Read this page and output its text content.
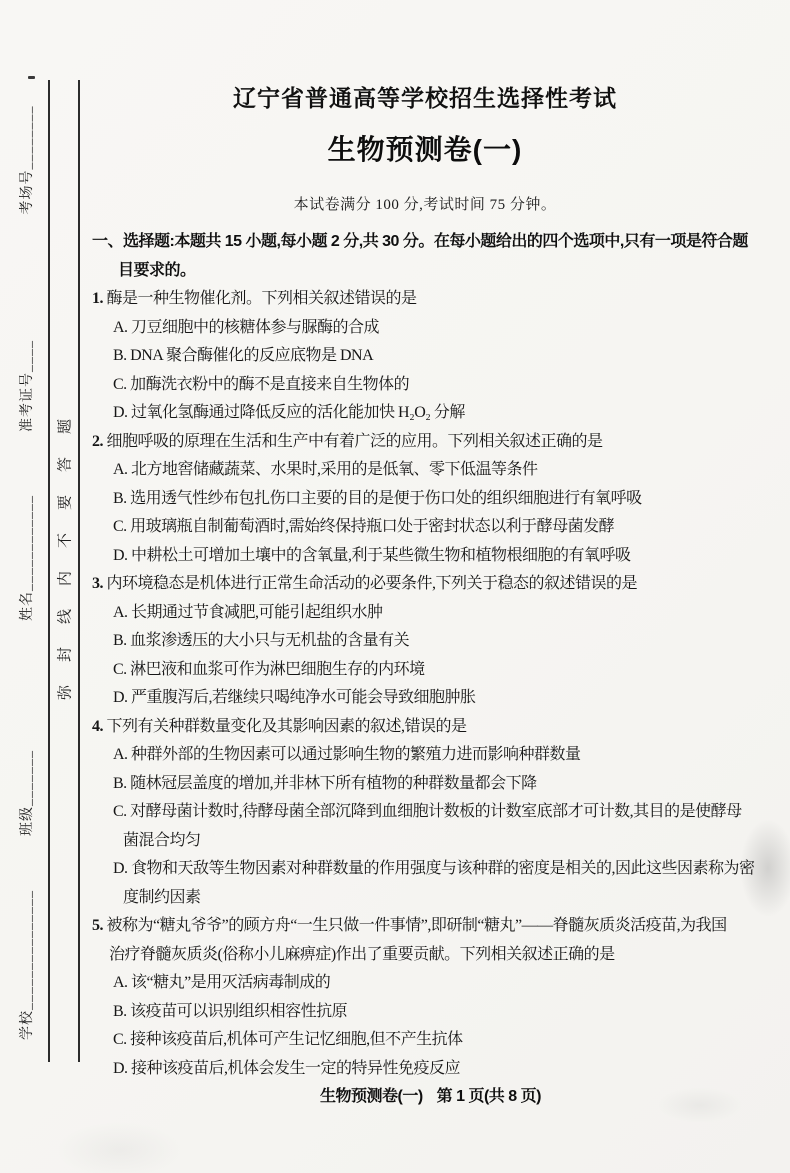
考场号________
准考证号____
姓名____________
班级_______
学校_______________
弥封线内不要答题
辽宁省普通高等学校招生选择性考试
生物预测卷(一)
本试卷满分 100 分,考试时间 75 分钟。
一、选择题:本题共 15 小题,每小题 2 分,共 30 分。在每小题给出的四个选项中,只有一项是符合题
目要求的。
1. 酶是一种生物催化剂。下列相关叙述错误的是
A. 刀豆细胞中的核糖体参与脲酶的合成
B. DNA 聚合酶催化的反应底物是 DNA
C. 加酶洗衣粉中的酶不是直接来自生物体的
D. 过氧化氢酶通过降低反应的活化能加快 H₂O₂ 分解
2. 细胞呼吸的原理在生活和生产中有着广泛的应用。下列相关叙述正确的是
A. 北方地窖储藏蔬菜、水果时,采用的是低氧、零下低温等条件
B. 选用透气性纱布包扎伤口主要的目的是便于伤口处的组织细胞进行有氧呼吸
C. 用玻璃瓶自制葡萄酒时,需始终保持瓶口处于密封状态以利于酵母菌发酵
D. 中耕松土可增加土壤中的含氧量,利于某些微生物和植物根细胞的有氧呼吸
3. 内环境稳态是机体进行正常生命活动的必要条件,下列关于稳态的叙述错误的是
A. 长期通过节食减肥,可能引起组织水肿
B. 血浆渗透压的大小只与无机盐的含量有关
C. 淋巴液和血浆可作为淋巴细胞生存的内环境
D. 严重腹泻后,若继续只喝纯净水可能会导致细胞肿胀
4. 下列有关种群数量变化及其影响因素的叙述,错误的是
A. 种群外部的生物因素可以通过影响生物的繁殖力进而影响种群数量
B. 随林冠层盖度的增加,并非林下所有植物的种群数量都会下降
C. 对酵母菌计数时,待酵母菌全部沉降到血细胞计数板的计数室底部才可计数,其目的是使酵母
菌混合均匀
D. 食物和天敌等生物因素对种群数量的作用强度与该种群的密度是相关的,因此这些因素称为密
度制约因素
5. 被称为“糖丸爷爷”的顾方舟“一生只做一件事情”,即研制“糖丸”——脊髓灰质炎活疫苗,为我国
治疗脊髓灰质炎(俗称小儿麻痹症)作出了重要贡献。下列相关叙述正确的是
A. 该“糖丸”是用灭活病毒制成的
B. 该疫苗可以识别组织相容性抗原
C. 接种该疫苗后,机体可产生记忆细胞,但不产生抗体
D. 接种该疫苗后,机体会发生一定的特异性免疫反应
生物预测卷(一) 第 1 页(共 8 页)
